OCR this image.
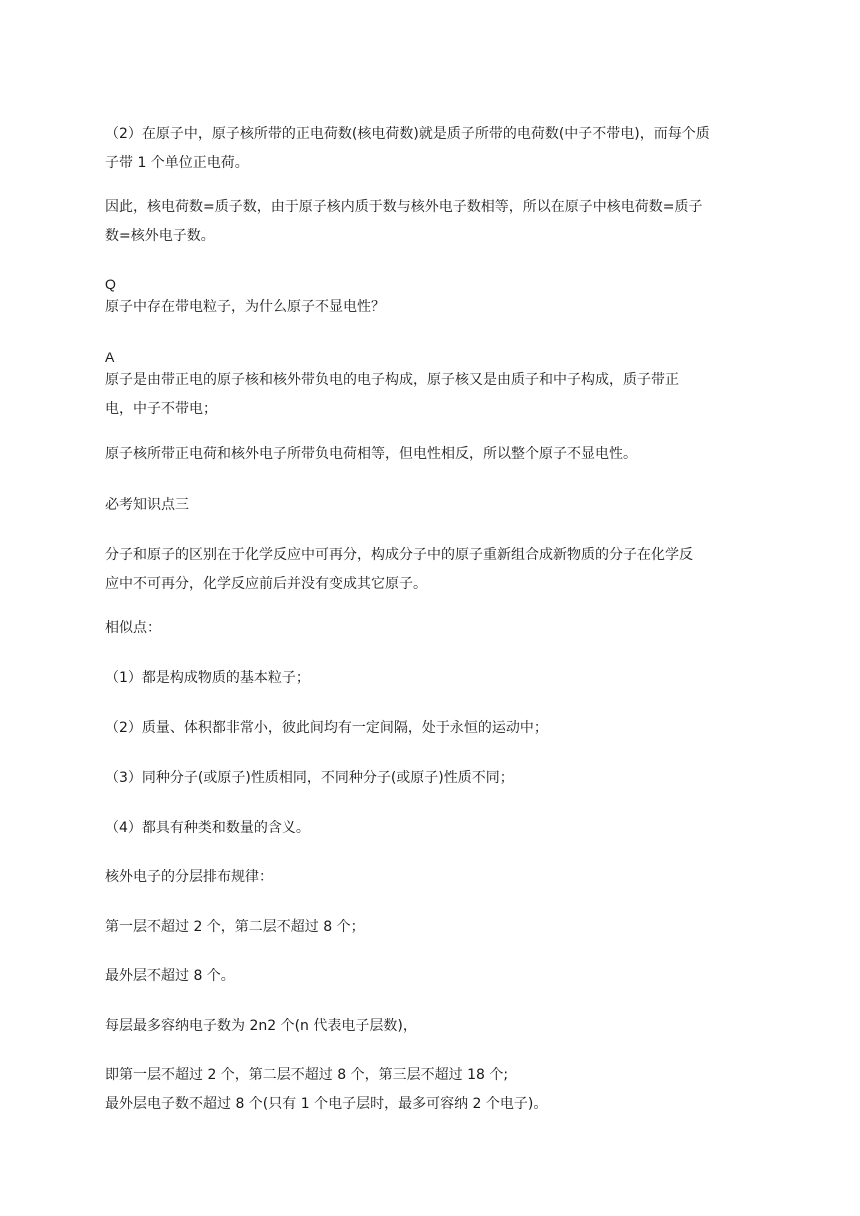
（2）在原子中，原子核所带的正电荷数(核电荷数)就是质子所带的电荷数(中子不带电)，而每个质
子带 1 个单位正电荷。

因此，核电荷数=质子数，由于原子核内质于数与核外电子数相等，所以在原子中核电荷数=质子
数=核外电子数。

Q

原子中存在带电粒子，为什么原子不显电性？

A

原子是由带正电的原子核和核外带负电的电子构成，原子核又是由质子和中子构成，质子带正
电，中子不带电；

原子核所带正电荷和核外电子所带负电荷相等，但电性相反，所以整个原子不显电性。

必考知识点三

分子和原子的区别在于化学反应中可再分，构成分子中的原子重新组合成新物质的分子在化学反
应中不可再分，化学反应前后并没有变成其它原子。

相似点：

（1）都是构成物质的基本粒子；

（2）质量、体积都非常小，彼此间均有一定间隔，处于永恒的运动中；

（3）同种分子(或原子)性质相同，不同种分子(或原子)性质不同；

（4）都具有种类和数量的含义。

核外电子的分层排布规律：

第一层不超过 2 个，第二层不超过 8 个；

最外层不超过 8 个。

每层最多容纳电子数为 2n2 个(n 代表电子层数)，

即第一层不超过 2 个，第二层不超过 8 个，第三层不超过 18 个;
最外层电子数不超过 8 个(只有 1 个电子层时，最多可容纳 2 个电子)。
